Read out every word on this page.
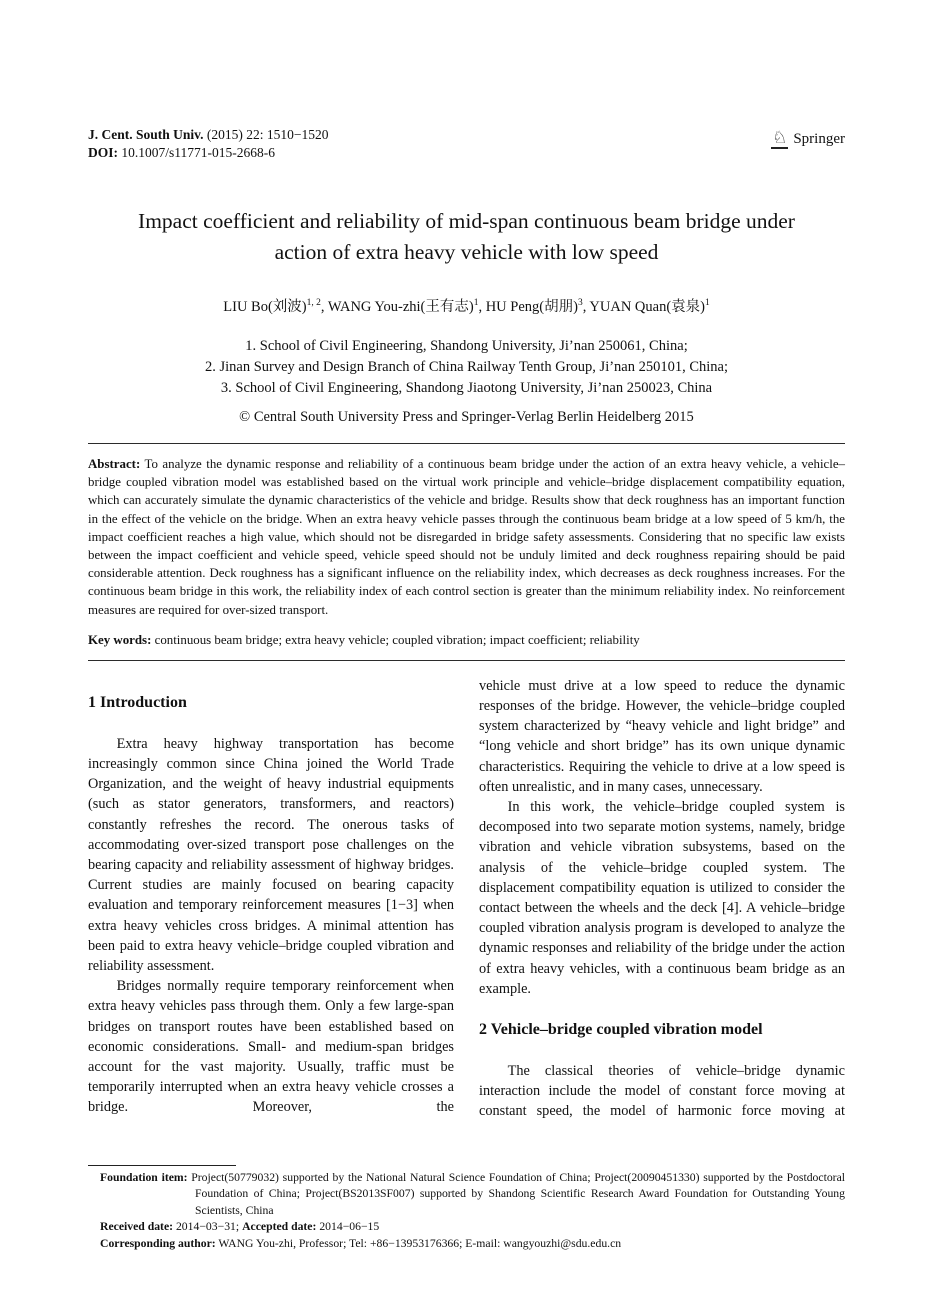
J. Cent. South Univ. (2015) 22: 1510−1520
DOI: 10.1007/s11771-015-2668-6
♘ Springer
Impact coefficient and reliability of mid-span continuous beam bridge under action of extra heavy vehicle with low speed
LIU Bo(刘波)$^{1, 2}$, WANG You-zhi(王有志)$^1$, HU Peng(胡朋)$^3$, YUAN Quan(袁泉)$^1$
1. School of Civil Engineering, Shandong University, Ji’nan 250061, China;
2. Jinan Survey and Design Branch of China Railway Tenth Group, Ji’nan 250101, China;
3. School of Civil Engineering, Shandong Jiaotong University, Ji’nan 250023, China
© Central South University Press and Springer-Verlag Berlin Heidelberg 2015

Abstract: To analyze the dynamic response and reliability of a continuous beam bridge under the action of an extra heavy vehicle, a vehicle–bridge coupled vibration model was established based on the virtual work principle and vehicle–bridge displacement compatibility equation, which can accurately simulate the dynamic characteristics of the vehicle and bridge. Results show that deck roughness has an important function in the effect of the vehicle on the bridge. When an extra heavy vehicle passes through the continuous beam bridge at a low speed of 5 km/h, the impact coefficient reaches a high value, which should not be disregarded in bridge safety assessments. Considering that no specific law exists between the impact coefficient and vehicle speed, vehicle speed should not be unduly limited and deck roughness repairing should be paid considerable attention. Deck roughness has a significant influence on the reliability index, which decreases as deck roughness increases. For the continuous beam bridge in this work, the reliability index of each control section is greater than the minimum reliability index. No reinforcement measures are required for over-sized transport.

Key words: continuous beam bridge; extra heavy vehicle; coupled vibration; impact coefficient; reliability

1 Introduction

Extra heavy highway transportation has become increasingly common since China joined the World Trade Organization, and the weight of heavy industrial equipments (such as stator generators, transformers, and reactors) constantly refreshes the record. The onerous tasks of accommodating over-sized transport pose challenges on the bearing capacity and reliability assessment of highway bridges. Current studies are mainly focused on bearing capacity evaluation and temporary reinforcement measures [1−3] when extra heavy vehicles cross bridges. A minimal attention has been paid to extra heavy vehicle–bridge coupled vibration and reliability assessment.

Bridges normally require temporary reinforcement when extra heavy vehicles pass through them. Only a few large-span bridges on transport routes have been established based on economic considerations. Small- and medium-span bridges account for the vast majority. Usually, traffic must be temporarily interrupted when an extra heavy vehicle crosses a bridge. Moreover, the

vehicle must drive at a low speed to reduce the dynamic responses of the bridge. However, the vehicle–bridge coupled system characterized by “heavy vehicle and light bridge” and “long vehicle and short bridge” has its own unique dynamic characteristics. Requiring the vehicle to drive at a low speed is often unrealistic, and in many cases, unnecessary.

In this work, the vehicle–bridge coupled system is decomposed into two separate motion systems, namely, bridge vibration and vehicle vibration subsystems, based on the analysis of the vehicle–bridge coupled system. The displacement compatibility equation is utilized to consider the contact between the wheels and the deck [4]. A vehicle–bridge coupled vibration analysis program is developed to analyze the dynamic responses and reliability of the bridge under the action of extra heavy vehicles, with a continuous beam bridge as an example.

2 Vehicle–bridge coupled vibration model

The classical theories of vehicle–bridge dynamic interaction include the model of constant force moving at constant speed, the model of harmonic force moving at

Foundation item: Project(50779032) supported by the National Natural Science Foundation of China; Project(20090451330) supported by the Postdoctoral Foundation of China; Project(BS2013SF007) supported by Shandong Scientific Research Award Foundation for Outstanding Young Scientists, China

Received date: 2014−03−31; Accepted date: 2014−06−15

Corresponding author: WANG You-zhi, Professor; Tel: +86−13953176366; E-mail: wangyouzhi@sdu.edu.cn
